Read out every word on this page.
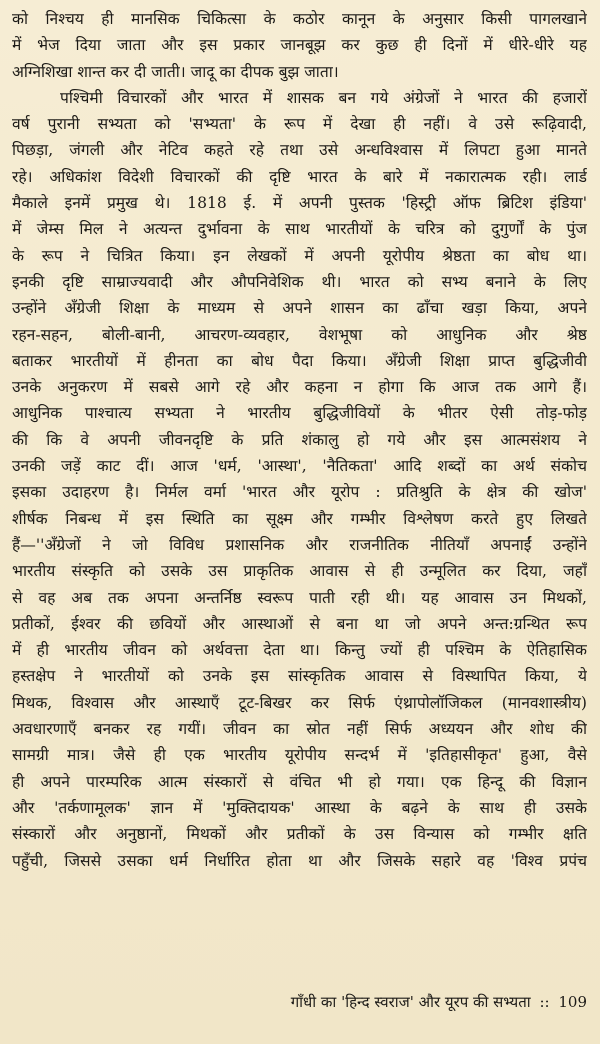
को निश्चय ही मानसिक चिकित्सा के कठोर कानून के अनुसार किसी पागलखाने
में भेज दिया जाता और इस प्रकार जानबूझ कर कुछ ही दिनों में धीरे-धीरे यह
अग्निशिखा शान्त कर दी जाती। जादू का दीपक बुझ जाता।
पश्चिमी विचारकों और भारत में शासक बन गये अंग्रेजों ने भारत की हजारों
वर्ष पुरानी सभ्यता को 'सभ्यता' के रूप में देखा ही नहीं। वे उसे रूढ़िवादी,
पिछड़ा, जंगली और नेटिव कहते रहे तथा उसे अन्धविश्वास में लिपटा हुआ मानते
रहे। अधिकांश विदेशी विचारकों की दृष्टि भारत के बारे में नकारात्मक रही। लार्ड
मैकाले इनमें प्रमुख थे। 1818 ई. में अपनी पुस्तक 'हिस्ट्री ऑफ ब्रिटिश इंडिया'
में जेम्स मिल ने अत्यन्त दुर्भावना के साथ भारतीयों के चरित्र को दुगुर्णों के पुंज
के रूप ने चित्रित किया। इन लेखकों में अपनी यूरोपीय श्रेष्ठता का बोध था।
इनकी दृष्टि साम्राज्यवादी और औपनिवेशिक थी। भारत को सभ्य बनाने के लिए
उन्होंने अँग्रेजी शिक्षा के माध्यम से अपने शासन का ढाँचा खड़ा किया, अपने
रहन-सहन, बोली-बानी, आचरण-व्यवहार, वेशभूषा को आधुनिक और श्रेष्ठ
बताकर भारतीयों में हीनता का बोध पैदा किया। अँग्रेजी शिक्षा प्राप्त बुद्धिजीवी
उनके अनुकरण में सबसे आगे रहे और कहना न होगा कि आज तक आगे हैं।
आधुनिक पाश्चात्य सभ्यता ने भारतीय बुद्धिजीवियों के भीतर ऐसी तोड़-फोड़
की कि वे अपनी जीवनदृष्टि के प्रति शंकालु हो गये और इस आत्मसंशय ने
उनकी जड़ें काट दीं। आज 'धर्म, 'आस्था', 'नैतिकता' आदि शब्दों का अर्थ संकोच
इसका उदाहरण है। निर्मल वर्मा 'भारत और यूरोप : प्रतिश्रुति के क्षेत्र की खोज'
शीर्षक निबन्ध में इस स्थिति का सूक्ष्म और गम्भीर विश्लेषण करते हुए लिखते
हैं—''अँग्रेजों ने जो विविध प्रशासनिक और राजनीतिक नीतियाँ अपनाईं उन्होंने
भारतीय संस्कृति को उसके उस प्राकृतिक आवास से ही उन्मूलित कर दिया, जहाँ
से वह अब तक अपना अन्तर्निष्ठ स्वरूप पाती रही थी। यह आवास उन मिथकों,
प्रतीकों, ईश्वर की छवियों और आस्थाओं से बना था जो अपने अन्त:ग्रन्थित रूप
में ही भारतीय जीवन को अर्थवत्ता देता था। किन्तु ज्यों ही पश्चिम के ऐतिहासिक
हस्तक्षेप ने भारतीयों को उनके इस सांस्कृतिक आवास से विस्थापित किया, ये
मिथक, विश्वास और आस्थाएँ टूट-बिखर कर सिर्फ एंथ्रापोलॉजिकल (मानवशास्त्रीय)
अवधारणाएँ बनकर रह गयीं। जीवन का स्रोत नहीं सिर्फ अध्ययन और शोध की
सामग्री मात्र। जैसे ही एक भारतीय यूरोपीय सन्दर्भ में 'इतिहासीकृत' हुआ, वैसे
ही अपने पारम्परिक आत्म संस्कारों से वंचित भी हो गया। एक हिन्दू की विज्ञान
और 'तर्कणामूलक' ज्ञान में 'मुक्तिदायक' आस्था के बढ़ने के साथ ही उसके
संस्कारों और अनुष्ठानों, मिथकों और प्रतीकों के उस विन्यास को गम्भीर क्षति
पहुँची, जिससे उसका धर्म निर्धारित होता था और जिसके सहारे वह 'विश्व प्रपंच
गाँधी का 'हिन्द स्वराज' और यूरप की सभ्यता :: 109
